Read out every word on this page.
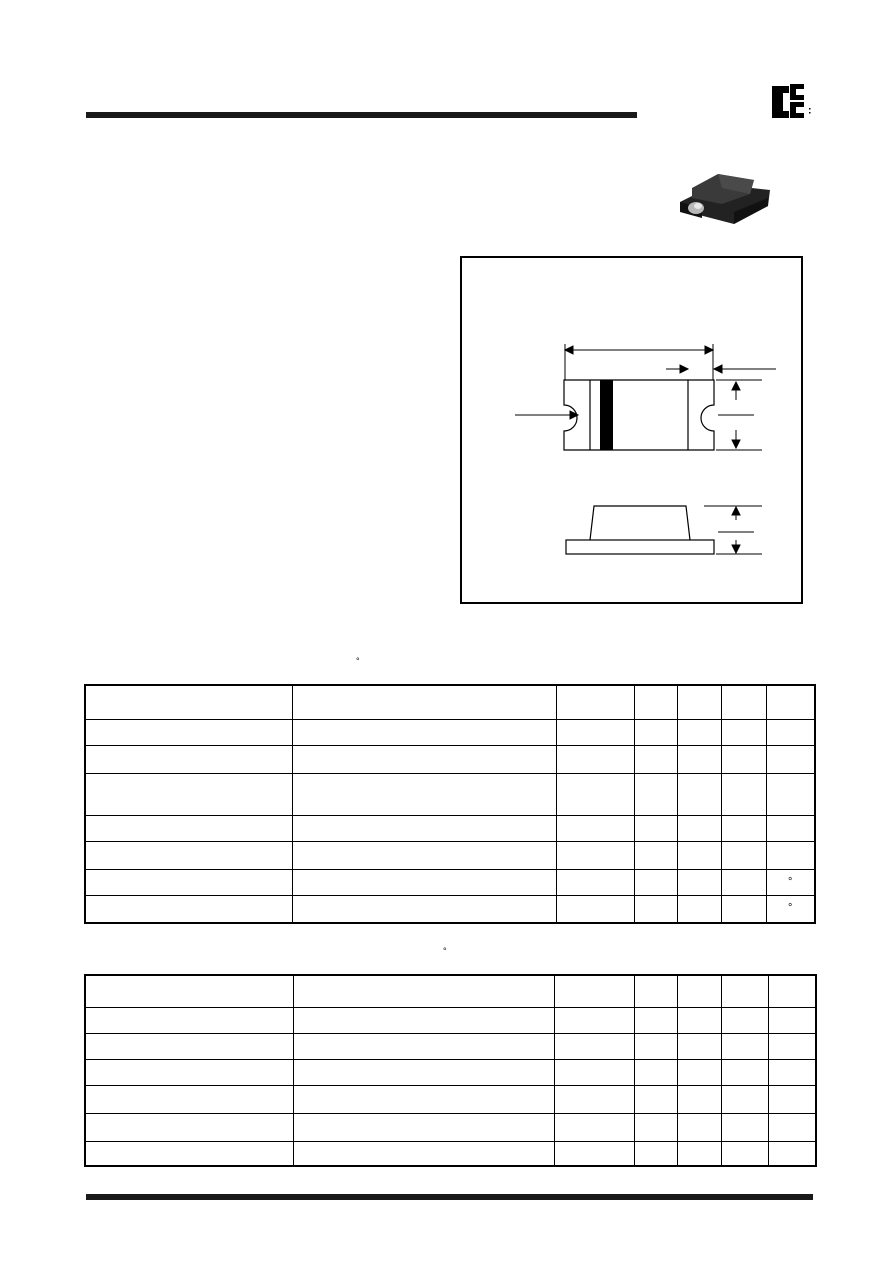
°

						°
						°
°
